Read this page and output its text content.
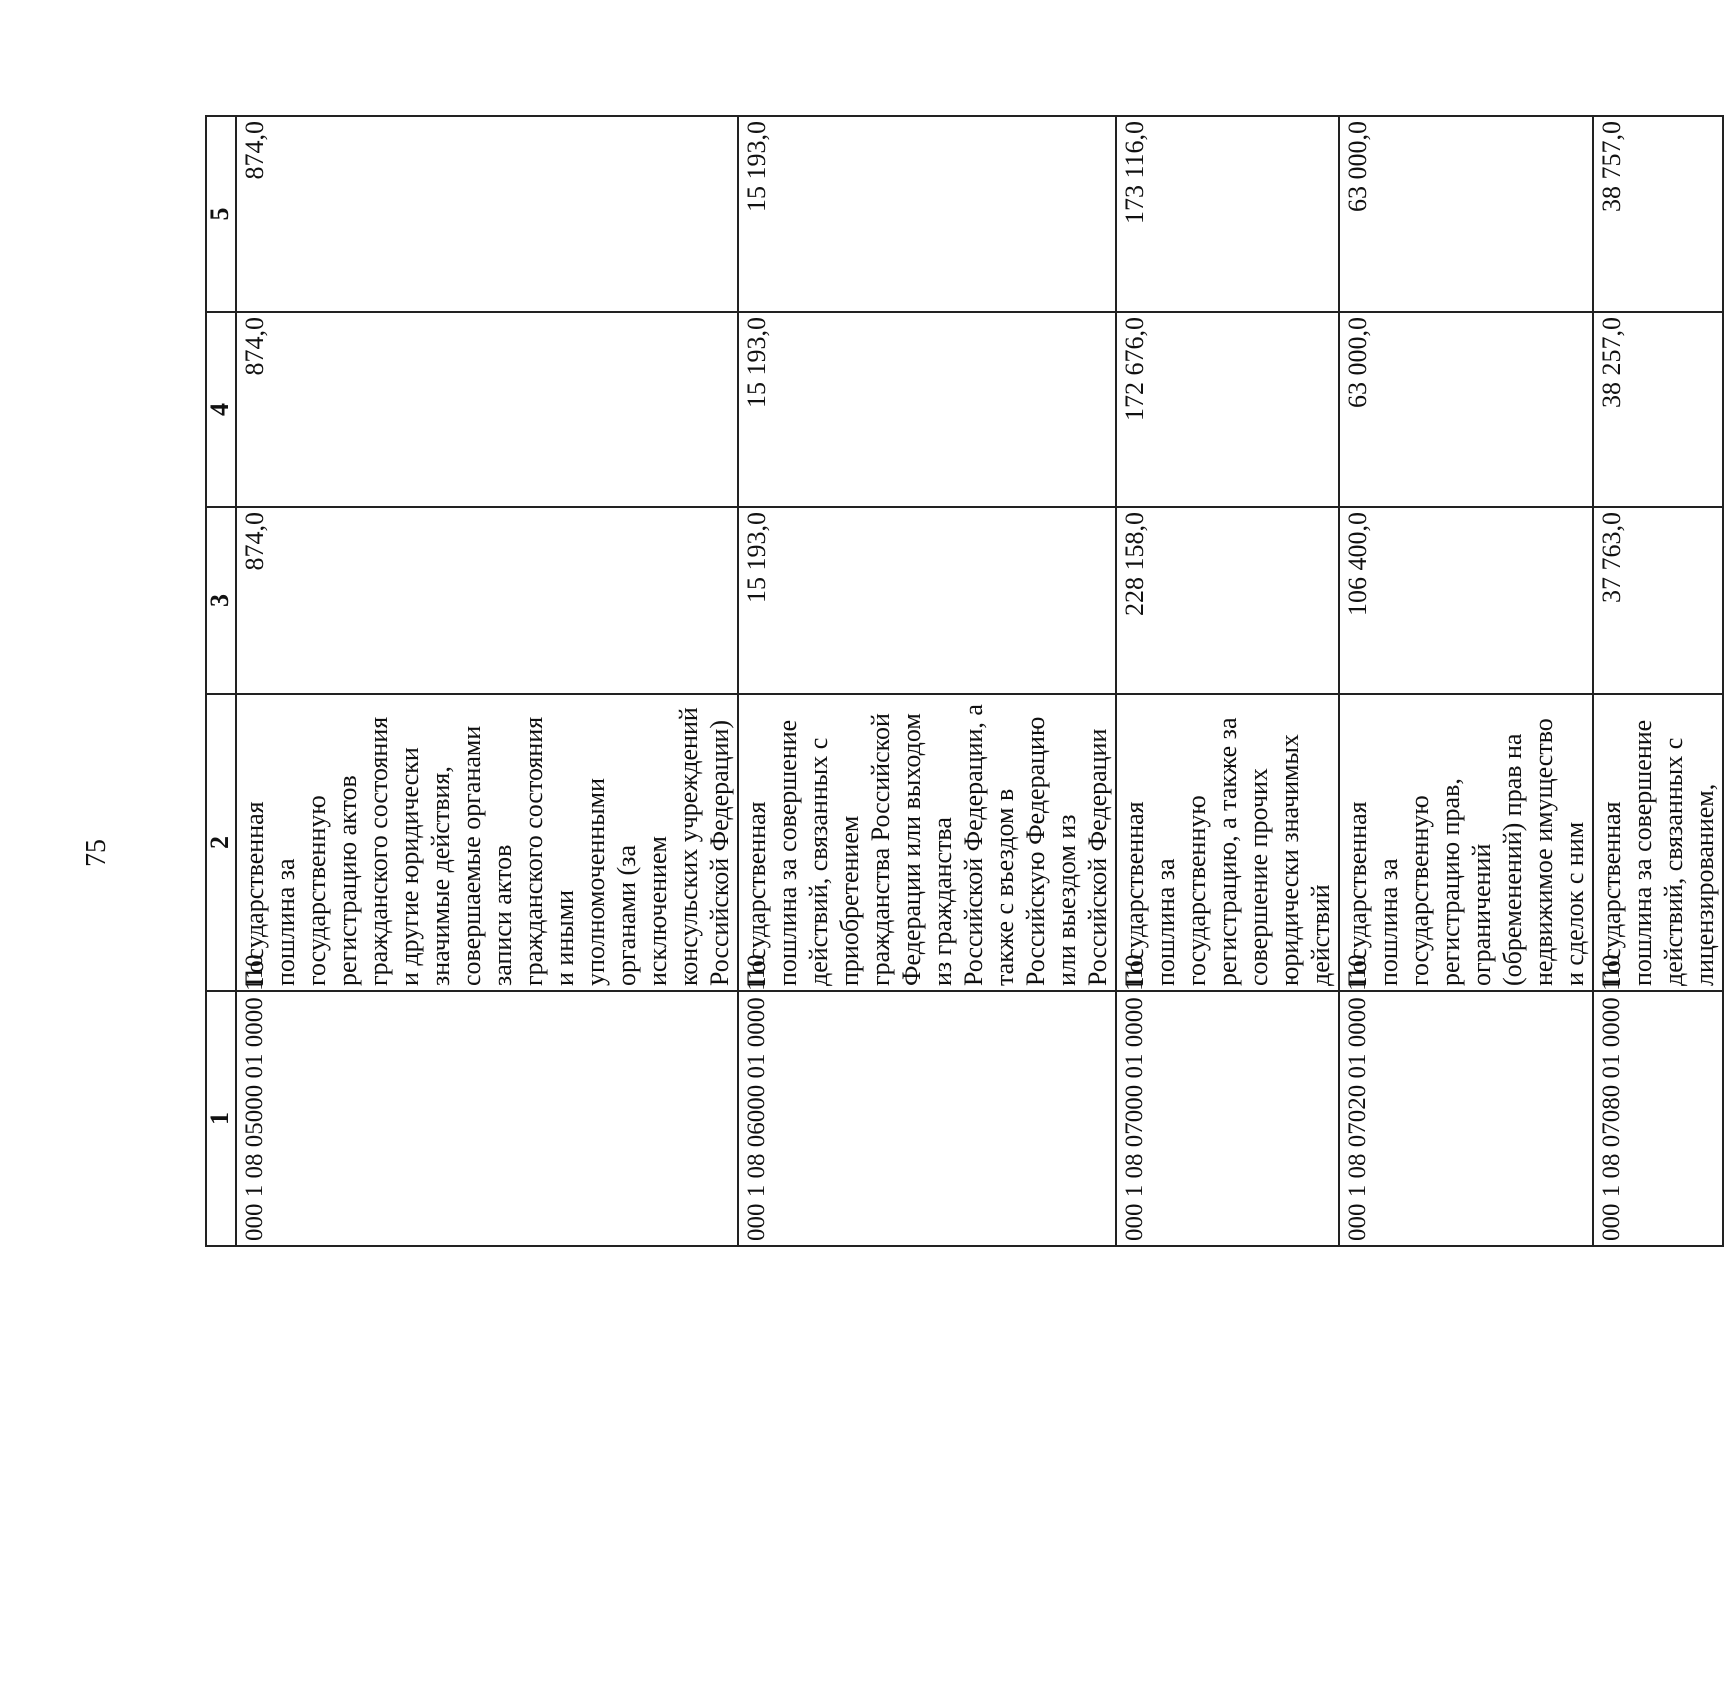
75
1	2	3	4	5
000 1 08 05000 01 0000 110	Государственная пошлина за государственную регистрацию актов гражданского состояния и другие юридически значимые действия, совершаемые органами записи актов гражданского состояния и иными уполномоченными органами (за исключением консульских учреждений Российской Федерации)	874,0	874,0	874,0
000 1 08 06000 01 0000 110	Государственная пошлина за совершение действий, связанных с приобретением гражданства Российской Федерации или выходом из гражданства Российской Федерации, а также с въездом в Российскую Федерацию или выездом из Российской Федерации	15 193,0	15 193,0	15 193,0
000 1 08 07000 01 0000 110	Государственная пошлина за государственную регистрацию, а также за совершение прочих юридически значимых действий	228 158,0	172 676,0	173 116,0
000 1 08 07020 01 0000 110	Государственная пошлина за государственную регистрацию прав, ограничений (обременений) прав на недвижимое имущество и сделок с ним	106 400,0	63 000,0	63 000,0
000 1 08 07080 01 0000 110	Государственная пошлина за совершение действий, связанных с лицензированием,	37 763,0	38 257,0	38 757,0
